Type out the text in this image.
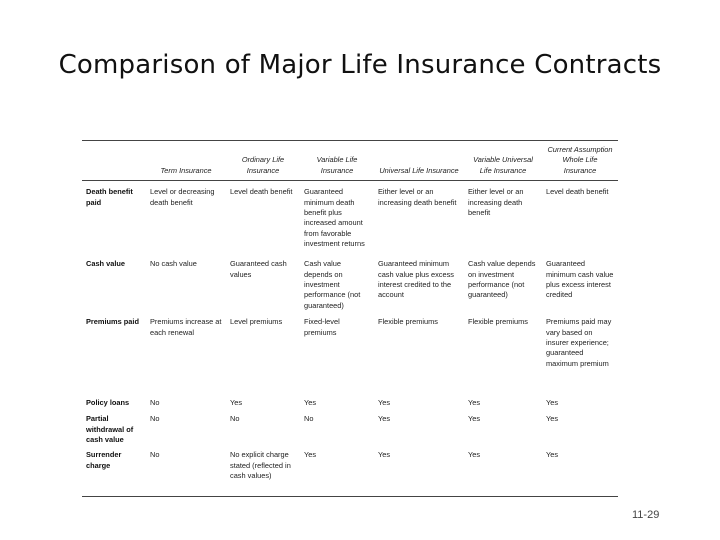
Comparison of Major Life Insurance Contracts
	Term Insurance	Ordinary Life Insurance	Variable Life Insurance	Universal Life Insurance	Variable Universal Life Insurance	Current Assumption Whole Life Insurance
Death benefit paid	Level or decreasing death benefit	Level death benefit	Guaranteed minimum death benefit plus increased amount from favorable investment returns	Either level or an increasing death benefit	Either level or an increasing death benefit	Level death benefit
Cash value	No cash value	Guaranteed cash values	Cash value depends on investment performance (not guaranteed)	Guaranteed minimum cash value plus excess interest credited to the account	Cash value depends on investment performance (not guaranteed)	Guaranteed minimum cash value plus excess interest credited
Premiums paid	Premiums increase at each renewal	Level premiums	Fixed-level premiums	Flexible premiums	Flexible premiums	Premiums paid may vary based on insurer experience; guaranteed maximum premium
Policy loans	No	Yes	Yes	Yes	Yes	Yes
Partial withdrawal of cash value	No	No	No	Yes	Yes	Yes
Surrender charge	No	No explicit charge stated (reflected in cash values)	Yes	Yes	Yes	Yes
11-29
